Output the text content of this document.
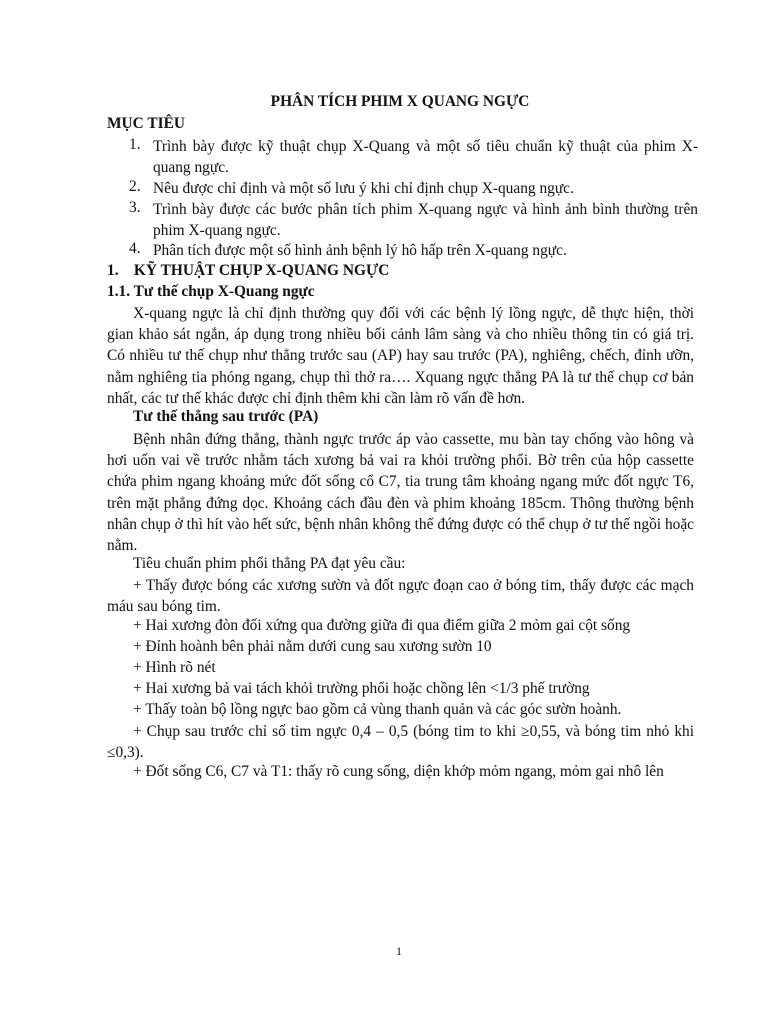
PHÂN TÍCH PHIM X QUANG NGỰC
MỤC TIÊU
1. Trình bày được kỹ thuật chụp X-Quang và một số tiêu chuẩn kỹ thuật của phim X-quang ngực.
2. Nêu được chỉ định và một số lưu ý khi chỉ định chụp X-quang ngực.
3. Trình bày được các bước phân tích phim X-quang ngực và hình ảnh bình thường trên phim X-quang ngực.
4. Phân tích được một số hình ảnh bệnh lý hô hấp trên X-quang ngực.
1.    KỸ THUẬT CHỤP X-QUANG NGỰC
1.1. Tư thế chụp X-Quang ngực
X-quang ngực là chỉ định thường quy đối với các bệnh lý lồng ngực, dễ thực hiện, thời gian khảo sát ngắn, áp dụng trong nhiều bối cảnh lâm sàng và cho nhiều thông tin có giá trị. Có nhiều tư thế chụp như thẳng trước sau (AP) hay sau trước (PA), nghiêng, chếch, đỉnh ưỡn, nằm nghiêng tia phóng ngang, chụp thì thở ra…. Xquang ngực thẳng PA là tư thế chụp cơ bản nhất, các tư thế khác được chỉ định thêm khi cần làm rõ vấn đề hơn.
Tư thế thẳng sau trước (PA)
Bệnh nhân đứng thẳng, thành ngực trước áp vào cassette, mu bàn tay chống vào hông và hơi uốn vai về trước nhằm tách xương bả vai ra khỏi trường phổi. Bờ trên của hộp cassette chứa phim ngang khoảng mức đốt sống cổ C7, tia trung tâm khoảng ngang mức đốt ngực T6, trên mặt phẳng đứng dọc. Khoảng cách đầu đèn và phim khoảng 185cm. Thông thường bệnh nhân chụp ở thì hít vào hết sức, bệnh nhân không thể đứng được có thể chụp ở tư thế ngồi hoặc nằm.
Tiêu chuẩn phim phổi thẳng PA đạt yêu cầu:
+ Thấy được bóng các xương sườn và đốt ngực đoạn cao ở bóng tim, thấy được các mạch máu sau bóng tim.
+ Hai xương đòn đối xứng qua đường giữa đi qua điểm giữa 2 mỏm gai cột sống
+ Đỉnh hoành bên phải nằm dưới cung sau xương sườn 10
+ Hình rõ nét
+ Hai xương bả vai tách khỏi trường phổi hoặc chồng lên <1/3 phế trường
+ Thấy toàn bộ lồng ngực bao gồm cả vùng thanh quản và các góc sườn hoành.
+ Chụp sau trước chỉ số tim ngực 0,4 – 0,5 (bóng tim to khi ≥0,55, và bóng tim nhỏ khi ≤0,3).
+ Đốt sống C6, C7 và T1: thấy rõ cung sống, diện khớp mỏm ngang, mỏm gai nhô lên
1
